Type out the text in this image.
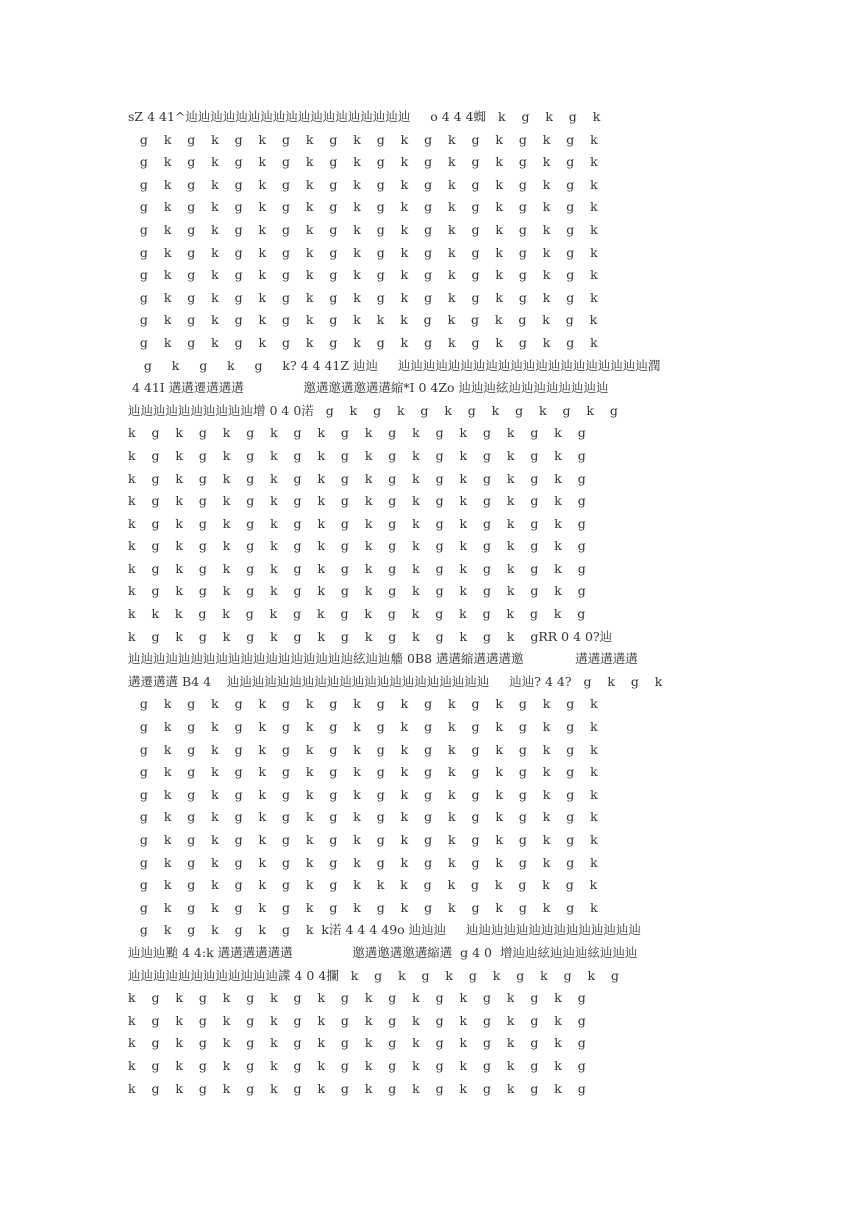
sZ 4 41^辿辿辿辿辿辿辿辿辿辿辿辿辿辿辿辿辿辿     o 4 4 4蜘   k    g    k    g    k
g    k    g    k    g    k    g    k    g    k    g    k    g    k    g    k    g    k    g    k
g    k    g    k    g    k    g    k    g    k    g    k    g    k    g    k    g    k    g    k
g    k    g    k    g    k    g    k    g    k    g    k    g    k    g    k    g    k    g    k
g    k    g    k    g    k    g    k    g    k    g    k    g    k    g    k    g    k    g    k
g    k    g    k    g    k    g    k    g    k    g    k    g    k    g    k    g    k    g    k
g    k    g    k    g    k    g    k    g    k    g    k    g    k    g    k    g    k    g    k
g    k    g    k    g    k    g    k    g    k    g    k    g    k    g    k    g    k    g    k
g    k    g    k    g    k    g    k    g    k    g    k    g    k    g    k    g    k    g    k
g    k    g    k    g    k    g    k    g    k    k    k    g    k    g    k    g    k    g    k
g    k    g    k    g    k    g    k    g    k    g    k    g    k    g    k    g    k    g    k
g     k     g     k     g     k? 4 4 41Z 辿辿     辿辿辿辿辿辿辿辿辿辿辿辿辿辿辿辿辿辿辿辿潤
4 41I 遘遘遷遘遘遘               邀遘邀遘邀遘遘縮*I 0 4Zo 辿辿辿絃辿辿辿辿辿辿辿辿
辿辿辿辿辿辿辿辿辿辿增 0 4 0渃   g    k    g    k    g    k    g    k    g    k    g    k    g
k    g    k    g    k    g    k    g    k    g    k    g    k    g    k    g    k    g    k    g
k    g    k    g    k    g    k    g    k    g    k    g    k    g    k    g    k    g    k    g
k    g    k    g    k    g    k    g    k    g    k    g    k    g    k    g    k    g    k    g
k    g    k    g    k    g    k    g    k    g    k    g    k    g    k    g    k    g    k    g
k    g    k    g    k    g    k    g    k    g    k    g    k    g    k    g    k    g    k    g
k    g    k    g    k    g    k    g    k    g    k    g    k    g    k    g    k    g    k    g
k    g    k    g    k    g    k    g    k    g    k    g    k    g    k    g    k    g    k    g
k    g    k    g    k    g    k    g    k    g    k    g    k    g    k    g    k    g    k    g
k    k    k    g    k    g    k    g    k    g    k    g    k    g    k    g    k    g    k    g
k    g    k    g    k    g    k    g    k    g    k    g    k    g    k    g    k    gRR 0 4 0?辿
辿辿辿辿辿辿辿辿辿辿辿辿辿辿辿辿辿辿絃辿辿艢 0B8 遘遘縮遘遘遘邀             遘遘遘遘遘
遘遷遘遘 B4 4    辿辿辿辿辿辿辿辿辿辿辿辿辿辿辿辿辿辿辿辿辿     辿辿? 4 4?   g    k    g    k
g    k    g    k    g    k    g    k    g    k    g    k    g    k    g    k    g    k    g    k
g    k    g    k    g    k    g    k    g    k    g    k    g    k    g    k    g    k    g    k
g    k    g    k    g    k    g    k    g    k    g    k    g    k    g    k    g    k    g    k
g    k    g    k    g    k    g    k    g    k    g    k    g    k    g    k    g    k    g    k
g    k    g    k    g    k    g    k    g    k    g    k    g    k    g    k    g    k    g    k
g    k    g    k    g    k    g    k    g    k    g    k    g    k    g    k    g    k    g    k
g    k    g    k    g    k    g    k    g    k    g    k    g    k    g    k    g    k    g    k
g    k    g    k    g    k    g    k    g    k    g    k    g    k    g    k    g    k    g    k
g    k    g    k    g    k    g    k    g    k    k    k    g    k    g    k    g    k    g    k
g    k    g    k    g    k    g    k    g    k    g    k    g    k    g    k    g    k    g    k
g    k    g    k    g    k    g    k  k渃 4 4 4 49o 辿辿辿     辿辿辿辿辿辿辿辿辿辿辿辿辿辿
辿辿辿颱 4 4:k 遘遘遘遘遘遘               邀遘邀遘邀遘縮遘  g 4 0  增辿辿絃辿辿辿絃辿辿辿
辿辿辿辿辿辿辿辿辿辿辿辿諜 4 0 4攔   k    g    k    g    k    g    k    g    k    g    k    g
k    g    k    g    k    g    k    g    k    g    k    g    k    g    k    g    k    g    k    g
k    g    k    g    k    g    k    g    k    g    k    g    k    g    k    g    k    g    k    g
k    g    k    g    k    g    k    g    k    g    k    g    k    g    k    g    k    g    k    g
k    g    k    g    k    g    k    g    k    g    k    g    k    g    k    g    k    g    k    g
k    g    k    g    k    g    k    g    k    g    k    g    k    g    k    g    k    g    k    g
